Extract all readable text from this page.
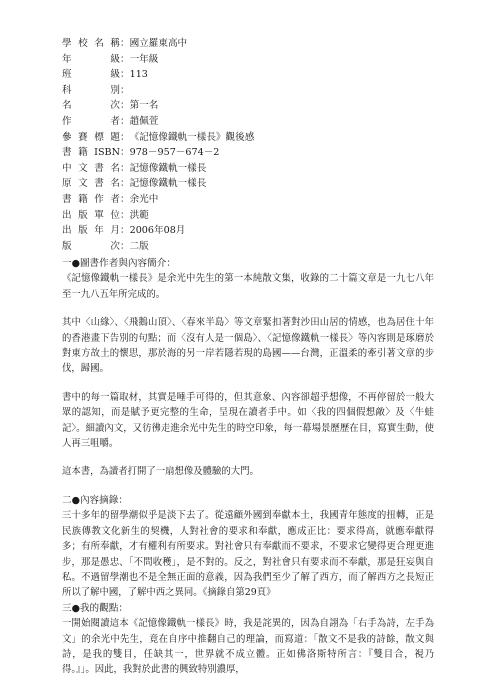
學校名稱 ： 國立羅東高中
年　　級 ： 一年級
班　　級 ： 113
科　　別 ：
名　　次 ： 第一名
作　　者 ： 趙佩萱
參賽標題 ： 《記憶像鐵軌一樣長》觀後感
書籍ISBN ： 978－957－674－2
中文書名 ： 記憶像鐵軌一樣長
原文書名 ： 記憶像鐵軌一樣長
書籍作者 ： 余光中
出版單位 ： 洪範
出版年月 ： 2006年08月
版　　次 ： 二版
一●圖書作者與內容簡介：

《記憶像鐵軌一樣長》是余光中先生的第一本純散文集，收錄的二十篇文章是一九七八年至一九八五年所完成的。

其中〈山緣〉、〈飛鵝山頂〉、〈春來半島〉等文章緊扣著對沙田山居的情感，也為居住十年的香港畫下告別的句點；而〈沒有人是一個島〉、〈記憶像鐵軌一樣長〉等內容則是琢磨於對東方故土的懷思，那於海的另一岸若隱若現的島國——台灣，正溫柔的牽引著文章的步伐，歸國。

書中的每一篇取材，其實是唾手可得的，但其意象、內容卻超乎想像，不再停留於一般大眾的認知，而是賦予更完整的生命，呈現在讀者手中。如〈我的四個假想敵〉及〈牛蛙記〉。細讀內文，又彷彿走進余光中先生的時空印象，每一幕場景歷歷在目，寫實生動，使人再三咀嚼。

這本書，為讀者打開了一扇想像及體驗的大門。

二●內容摘錄：

三十多年的留學潮似乎是淡下去了。從遠顧外國到奉獻本土，我國青年態度的扭轉，正是民族傳教文化新生的契機，人對社會的要求和奉獻，應成正比：要求得高，就應奉獻得多；有所奉獻，才有權利有所要求。對社會只有奉獻而不要求，不要求它變得更合理更進步，那是愚忠、「不問收穫」，是不對的。反之，對社會只有要求而不奉獻，那是狂妄與自私。不過留學潮也不是全無正面的意義，因為我們至少了解了西方，而了解西方之長短正所以了解中國，了解中西之異同。《摘錄自第29頁》

三●我的觀點：

一開始閱讀這本《記憶像鐵軌一樣長》時，我是詫異的，因為自詡為「右手為詩，左手為文」的余光中先生，竟在自序中推翻自己的理論，而寫道：「散文不是我的詩餘，散文與詩，是我的雙目，任缺其一，世界就不成立體。正如佛洛斯特所言：『雙目合，視乃得。』」。因此，我對於此書的興致特別濃厚，
